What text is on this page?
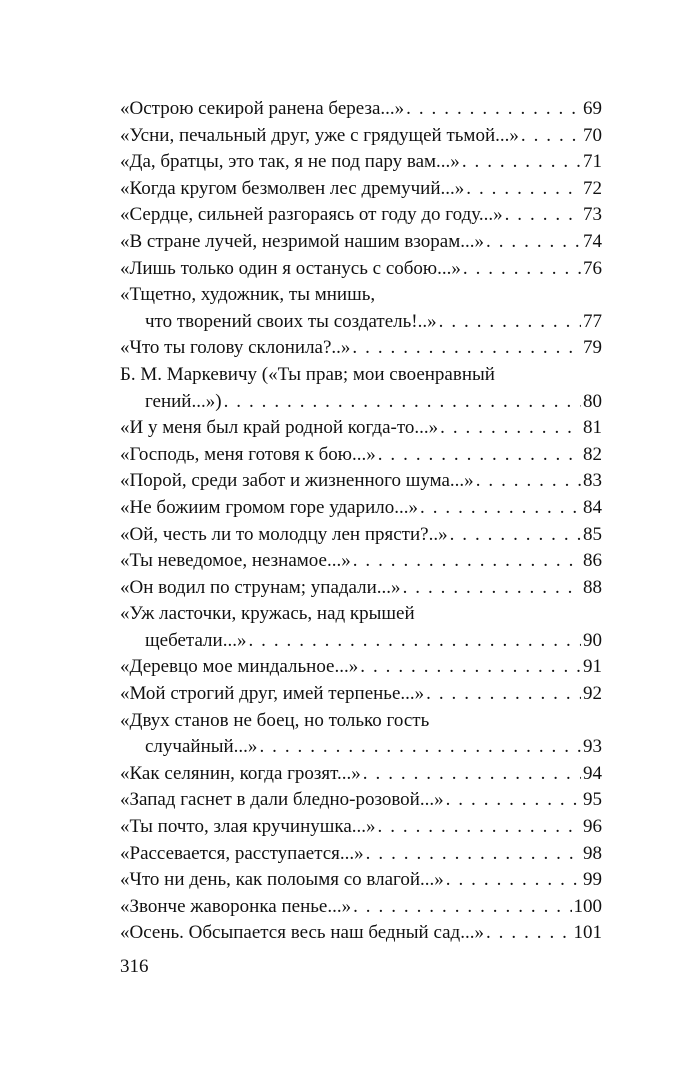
«Острою секирой ранена береза...» . . .	69
«Усни, печальный друг, уже с грядущей тьмой...» . . .	70
«Да, братцы, это так, я не под пару вам...» . . .	71
«Когда кругом безмолвен лес дремучий...» . . .	72
«Сердце, сильней разгораясь от году до году...» . . .	73
«В стране лучей, незримой нашим взорам...» . . .	74
«Лишь только один я останусь с собою...» . . .	76
«Тщетно, художник, ты мнишь,
что творений своих ты создатель!..» . . .	77
«Что ты голову склонила?..» . . .	79
Б. М. Маркевичу («Ты прав; мои своенравный
гений...») . . .	80
«И у меня был край родной когда-то...» . . .	81
«Господь, меня готовя к бою...» . . .	82
«Порой, среди забот и жизненного шума...» . . .	83
«Не божиим громом горе ударило...» . . .	84
«Ой, честь ли то молодцу лен прясти?..» . . .	85
«Ты неведомое, незнамое...» . . .	86
«Он водил по струнам; упадали...» . . .	88
«Уж ласточки, кружась, над крышей
щебетали...» . . .	90
«Деревцо мое миндальное...» . . .	91
«Мой строгий друг, имей терпенье...» . . .	92
«Двух станов не боец, но только гость
случайный...» . . .	93
«Как селянин, когда грозят...» . . .	94
«Запад гаснет в дали бледно-розовой...» . . .	95
«Ты почто, злая кручинушка...» . . .	96
«Рассевается, расступается...» . . .	98
«Что ни день, как полоымя со влагой...» . . .	99
«Звонче жаворонка пенье...» . . .	100
«Осень. Обсыпается весь наш бедный сад...» . . .	101
316
